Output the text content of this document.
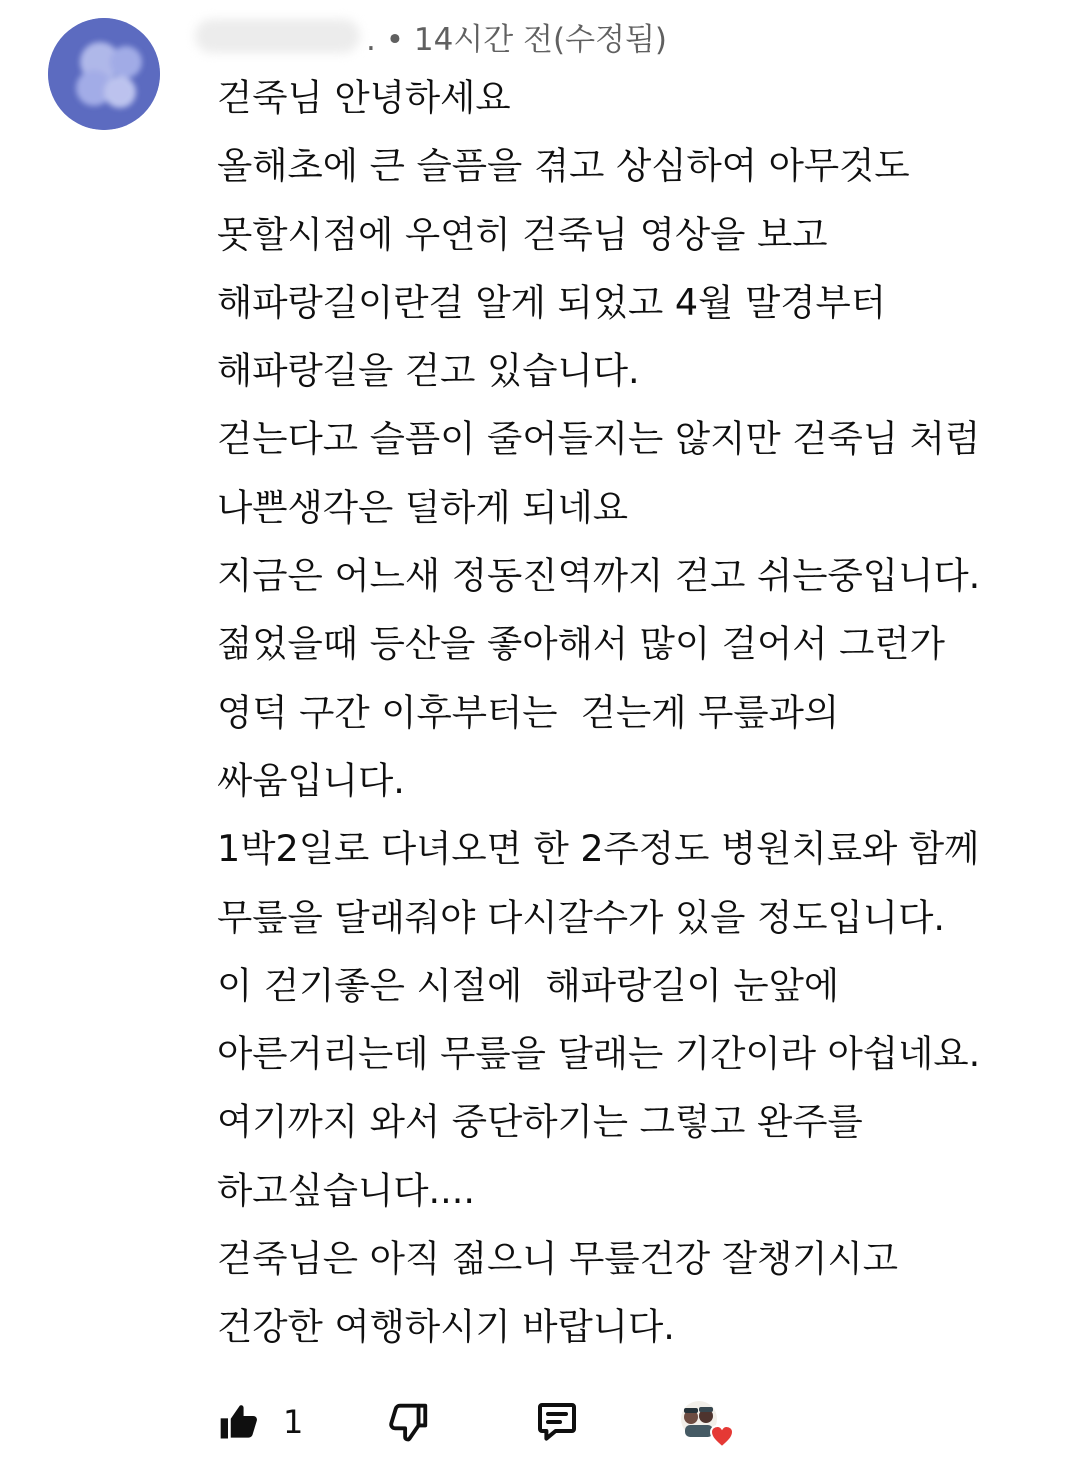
. • 14시간 전(수정됨)
걷죽님 안녕하세요
올해초에 큰 슬픔을 겪고 상심하여 아무것도
못할시점에 우연히 걷죽님 영상을 보고
해파랑길이란걸 알게 되었고 4월 말경부터
해파랑길을 걷고 있습니다.
걷는다고 슬픔이 줄어들지는 않지만 걷죽님 처럼
나쁜생각은 덜하게 되네요
지금은 어느새 정동진역까지 걷고 쉬는중입니다.
젊었을때 등산을 좋아해서 많이 걸어서 그런가
영덕 구간 이후부터는  걷는게 무릎과의
싸움입니다.
1박2일로 다녀오면 한 2주정도 병원치료와 함께
무릎을 달래줘야 다시갈수가 있을 정도입니다.
이 걷기좋은 시절에  해파랑길이 눈앞에
아른거리는데 무릎을 달래는 기간이라 아쉽네요.
여기까지 와서 중단하기는 그렇고 완주를
하고싶습니다....
걷죽님은 아직 젊으니 무릎건강 잘챙기시고
건강한 여행하시기 바랍니다.
1
